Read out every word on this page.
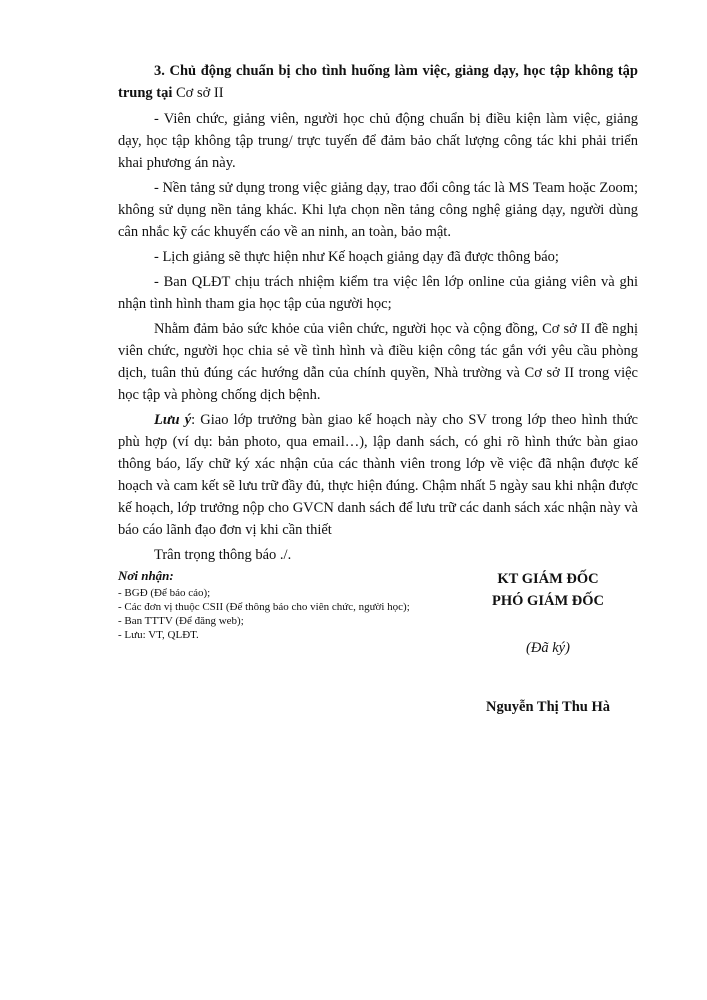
3. Chủ động chuẩn bị cho tình huống làm việc, giảng dạy, học tập không tập trung tại Cơ sở II

- Viên chức, giảng viên, người học chủ động chuẩn bị điều kiện làm việc, giảng dạy, học tập không tập trung/ trực tuyến để đảm bảo chất lượng công tác khi phải triển khai phương án này.

- Nền tảng sử dụng trong việc giảng dạy, trao đổi công tác là MS Team hoặc Zoom; không sử dụng nền tảng khác. Khi lựa chọn nền tảng công nghệ giảng dạy, người dùng cân nhắc kỹ các khuyến cáo về an ninh, an toàn, bảo mật.

- Lịch giảng sẽ thực hiện như Kế hoạch giảng dạy đã được thông báo;

- Ban QLĐT chịu trách nhiệm kiểm tra việc lên lớp online của giảng viên và ghi nhận tình hình tham gia học tập của người học;

Nhằm đảm bảo sức khỏe của viên chức, người học và cộng đồng, Cơ sở II đề nghị viên chức, người học chia sẻ về tình hình và điều kiện công tác gắn với yêu cầu phòng dịch, tuân thủ đúng các hướng dẫn của chính quyền, Nhà trường và Cơ sở II trong việc học tập và phòng chống dịch bệnh.

Lưu ý: Giao lớp trưởng bàn giao kế hoạch này cho SV trong lớp theo hình thức phù hợp (ví dụ: bản photo, qua email…), lập danh sách, có ghi rõ hình thức bàn giao thông báo, lấy chữ ký xác nhận của các thành viên trong lớp về việc đã nhận được kế hoạch và cam kết sẽ lưu trữ đầy đủ, thực hiện đúng. Chậm nhất 5 ngày sau khi nhận được kế hoạch, lớp trưởng nộp cho GVCN danh sách để lưu trữ các danh sách xác nhận này và báo cáo lãnh đạo đơn vị khi cần thiết

Trân trọng thông báo ./.

Nơi nhận:
- BGĐ (Để báo cáo);
- Các đơn vị thuộc CSII (Để thông báo cho viên chức, người học);
- Ban TTTV (Để đăng web);
- Lưu: VT, QLĐT.
KT GIÁM ĐỐC
PHÓ GIÁM ĐỐC
(Đã ký)
Nguyễn Thị Thu Hà
